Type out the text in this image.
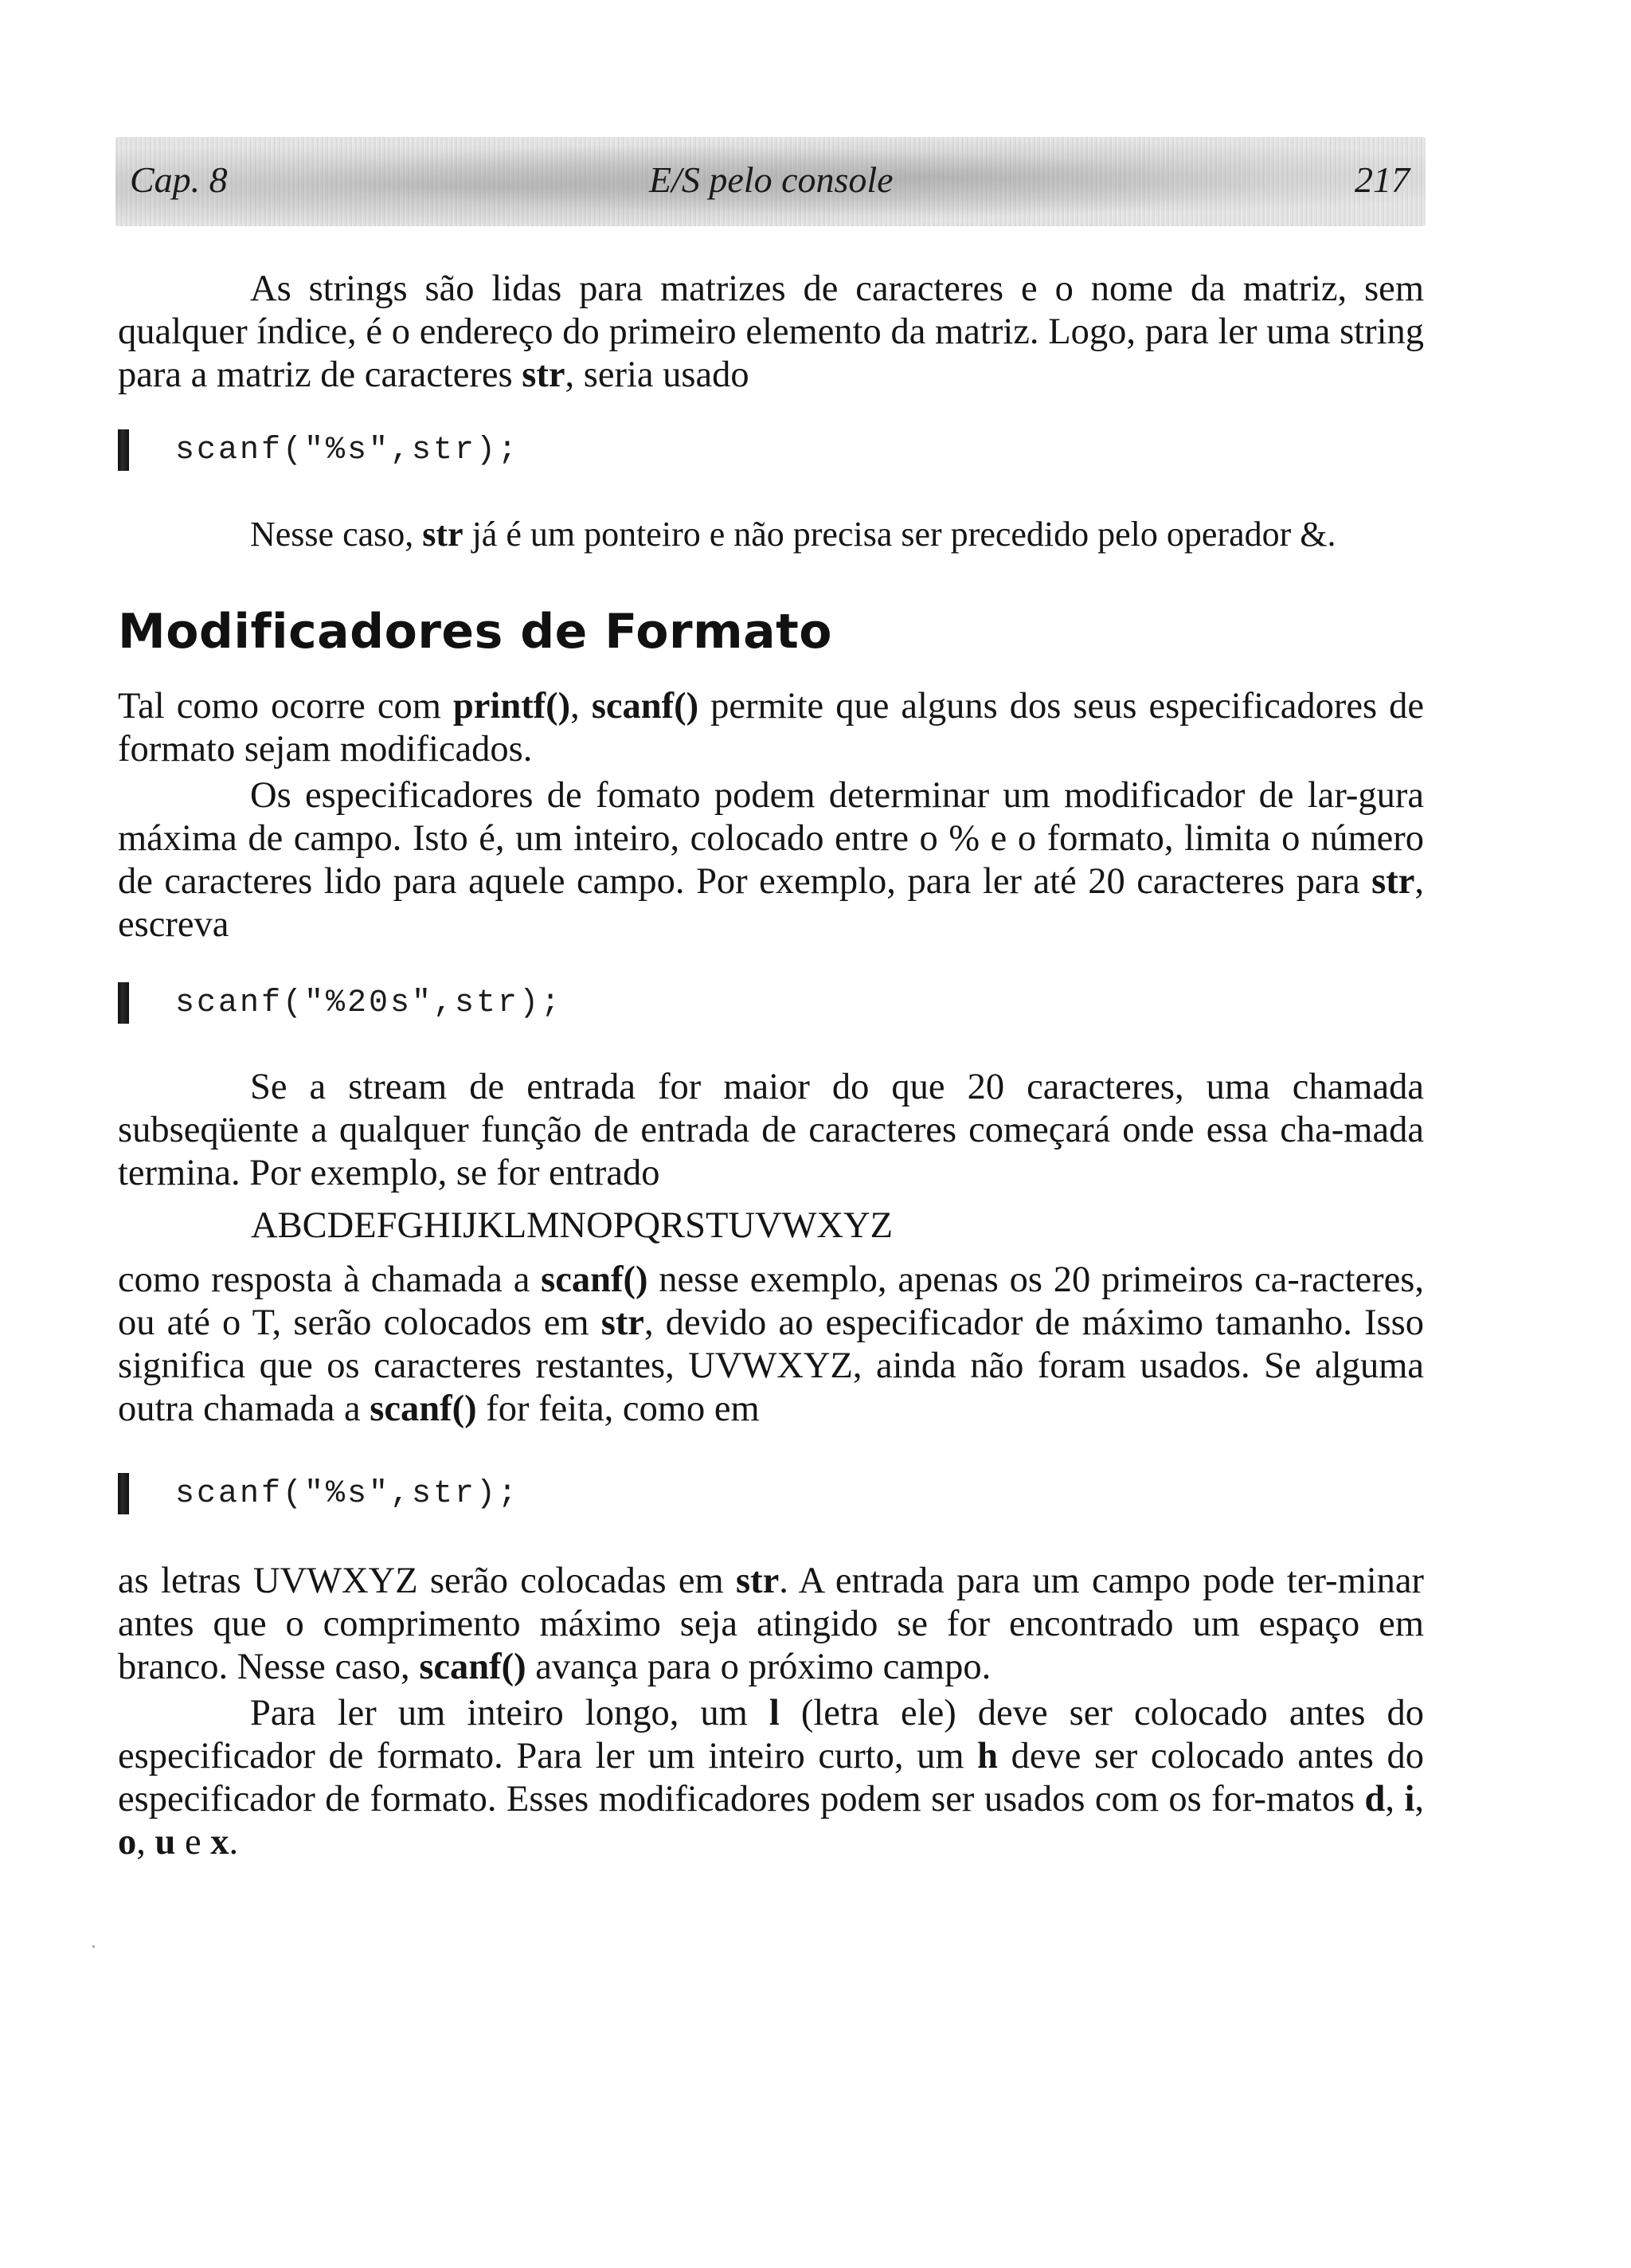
Cap. 8	E/S pelo console	217

As strings são lidas para matrizes de caracteres e o nome da matriz, sem qualquer índice, é o endereço do primeiro elemento da matriz. Logo, para ler uma string para a matriz de caracteres str, seria usado

scanf("%s",str);

Nesse caso, str já é um ponteiro e não precisa ser precedido pelo operador &.

Modificadores de Formato

Tal como ocorre com printf(), scanf() permite que alguns dos seus especificadores de formato sejam modificados.

Os especificadores de fomato podem determinar um modificador de lar-gura máxima de campo. Isto é, um inteiro, colocado entre o % e o formato, limita o número de caracteres lido para aquele campo. Por exemplo, para ler até 20 caracteres para str, escreva

scanf("%20s",str);

Se a stream de entrada for maior do que 20 caracteres, uma chamada subseqüente a qualquer função de entrada de caracteres começará onde essa cha-mada termina. Por exemplo, se for entrado

ABCDEFGHIJKLMNOPQRSTUVWXYZ

como resposta à chamada a scanf() nesse exemplo, apenas os 20 primeiros ca-racteres, ou até o T, serão colocados em str, devido ao especificador de máximo tamanho. Isso significa que os caracteres restantes, UVWXYZ, ainda não foram usados. Se alguma outra chamada a scanf() for feita, como em

scanf("%s",str);

as letras UVWXYZ serão colocadas em str. A entrada para um campo pode ter-minar antes que o comprimento máximo seja atingido se for encontrado um espaço em branco. Nesse caso, scanf() avança para o próximo campo.

Para ler um inteiro longo, um l (letra ele) deve ser colocado antes do especificador de formato. Para ler um inteiro curto, um h deve ser colocado antes do especificador de formato. Esses modificadores podem ser usados com os for-matos d, i, o, u e x.
